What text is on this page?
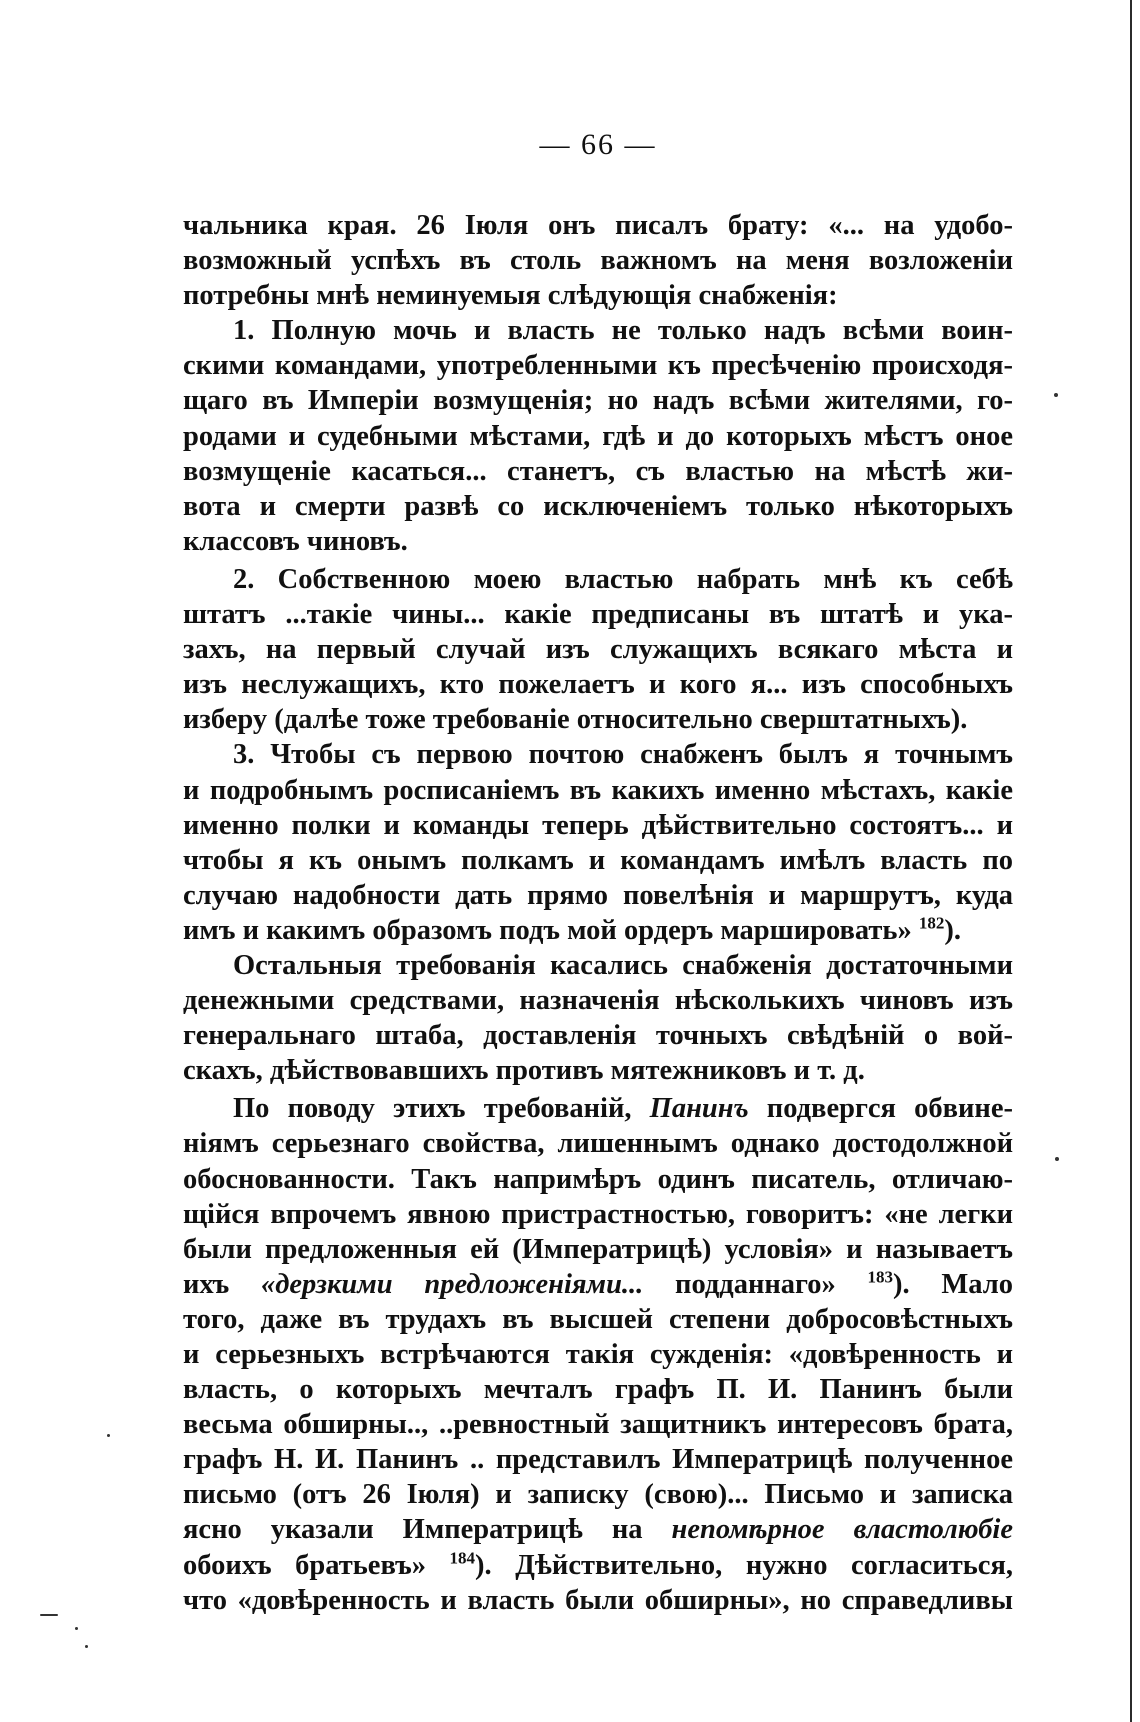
— 66 —
чальника края. 26 Іюля онъ писалъ брату: «... на удобо-
возможный успѣхъ въ столь важномъ на меня возложеніи
потребны мнѣ неминуемыя слѣдующія снабженія:
1. Полную мочь и власть не только надъ всѣми воин-
скими командами, употребленными къ пресѣченію происходя-
щаго въ Имперіи возмущенія; но надъ всѣми жителями, го-
родами и судебными мѣстами, гдѣ и до которыхъ мѣстъ оное
возмущеніе касаться... станетъ, съ властью на мѣстѣ жи-
вота и смерти развѣ со исключеніемъ только нѣкоторыхъ
классовъ чиновъ.
2. Собственною моею властью набрать мнѣ къ себѣ
штатъ ...такіе чины... какіе предписаны въ штатѣ и ука-
захъ, на первый случай изъ служащихъ всякаго мѣста и
изъ неслужащихъ, кто пожелаетъ и кого я... изъ способныхъ
изберу (далѣе тоже требованіе относительно сверштатныхъ).
3. Чтобы съ первою почтою снабженъ былъ я точнымъ
и подробнымъ росписаніемъ въ какихъ именно мѣстахъ, какіе
именно полки и команды теперь дѣйствительно состоятъ... и
чтобы я къ онымъ полкамъ и командамъ имѣлъ власть по
случаю надобности дать прямо повелѣнія и маршрутъ, куда
имъ и какимъ образомъ подъ мой ордеръ маршировать» $^{182}$).
Остальныя требованія касались снабженія достаточными
денежными средствами, назначенія нѣсколькихъ чиновъ изъ
генеральнаго штаба, доставленія точныхъ свѣдѣній о вой-
скахъ, дѣйствовавшихъ противъ мятежниковъ и т. д.
По поводу этихъ требованій, Панинъ подвергся обвине-
ніямъ серьезнаго свойства, лишеннымъ однако достодолжной
обоснованности. Такъ напримѣръ одинъ писатель, отличаю-
щійся впрочемъ явною пристрастностью, говоритъ: «не легки
были предложенныя ей (Императрицѣ) условія» и называетъ
ихъ «дерзкими предложеніями... подданнаго» $^{183}$). Мало
того, даже въ трудахъ въ высшей степени добросовѣстныхъ
и серьезныхъ встрѣчаются такія сужденія: «довѣренность и
власть, о которыхъ мечталъ графъ П. И. Панинъ были
весьма обширны.., ..ревностный защитникъ интересовъ брата,
графъ Н. И. Панинъ .. представилъ Императрицѣ полученное
письмо (отъ 26 Іюля) и записку (свою)... Письмо и записка
ясно указали Императрицѣ на непомѣрное властолюбіе
обоихъ братьевъ» $^{184}$). Дѣйствительно, нужно согласиться,
что «довѣренность и власть были обширны», но справедливы
